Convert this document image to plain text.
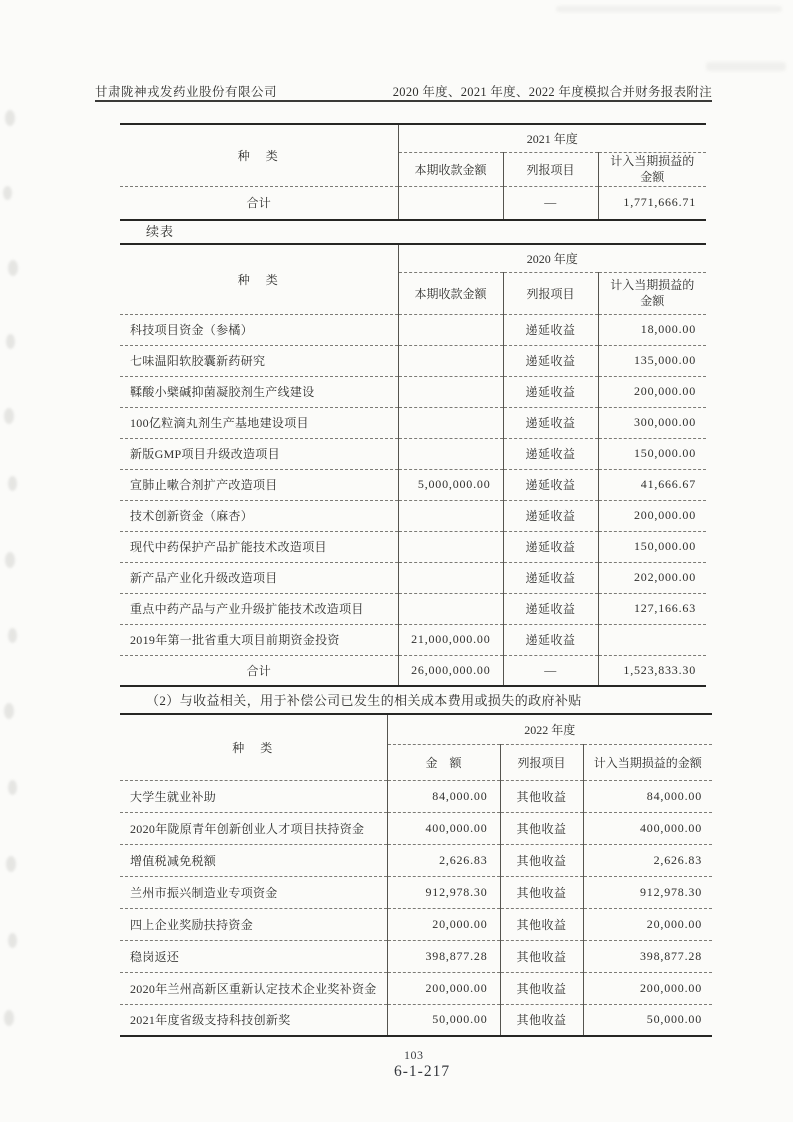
甘肃陇神戎发药业股份有限公司	2020 年度、2021 年度、2022 年度模拟合并财务报表附注
种　类	2021 年度		
	本期收款金额	列报项目	计入当期损益的金额
合计		—	1,771,666.71
续表
种　类	2020 年度		
	本期收款金额	列报项目	计入当期损益的金额
科技项目资金（参橘）		递延收益	18,000.00
七味温阳软胶囊新药研究		递延收益	135,000.00
鞣酸小檗碱抑菌凝胶剂生产线建设		递延收益	200,000.00
100亿粒滴丸剂生产基地建设项目		递延收益	300,000.00
新版GMP项目升级改造项目		递延收益	150,000.00
宣肺止嗽合剂扩产改造项目	5,000,000.00	递延收益	41,666.67
技术创新资金（麻杏）		递延收益	200,000.00
现代中药保护产品扩能技术改造项目		递延收益	150,000.00
新产品产业化升级改造项目		递延收益	202,000.00
重点中药产品与产业升级扩能技术改造项目		递延收益	127,166.63
2019年第一批省重大项目前期资金投资	21,000,000.00	递延收益	
合计	26,000,000.00	—	1,523,833.30
（2）与收益相关，用于补偿公司已发生的相关成本费用或损失的政府补贴
种　类	2022 年度		
	金　额	列报项目	计入当期损益的金额
大学生就业补助	84,000.00	其他收益	84,000.00
2020年陇原青年创新创业人才项目扶持资金	400,000.00	其他收益	400,000.00
增值税减免税额	2,626.83	其他收益	2,626.83
兰州市振兴制造业专项资金	912,978.30	其他收益	912,978.30
四上企业奖励扶持资金	20,000.00	其他收益	20,000.00
稳岗返还	398,877.28	其他收益	398,877.28
2020年兰州高新区重新认定技术企业奖补资金	200,000.00	其他收益	200,000.00
2021年度省级支持科技创新奖	50,000.00	其他收益	50,000.00
103
6-1-217
